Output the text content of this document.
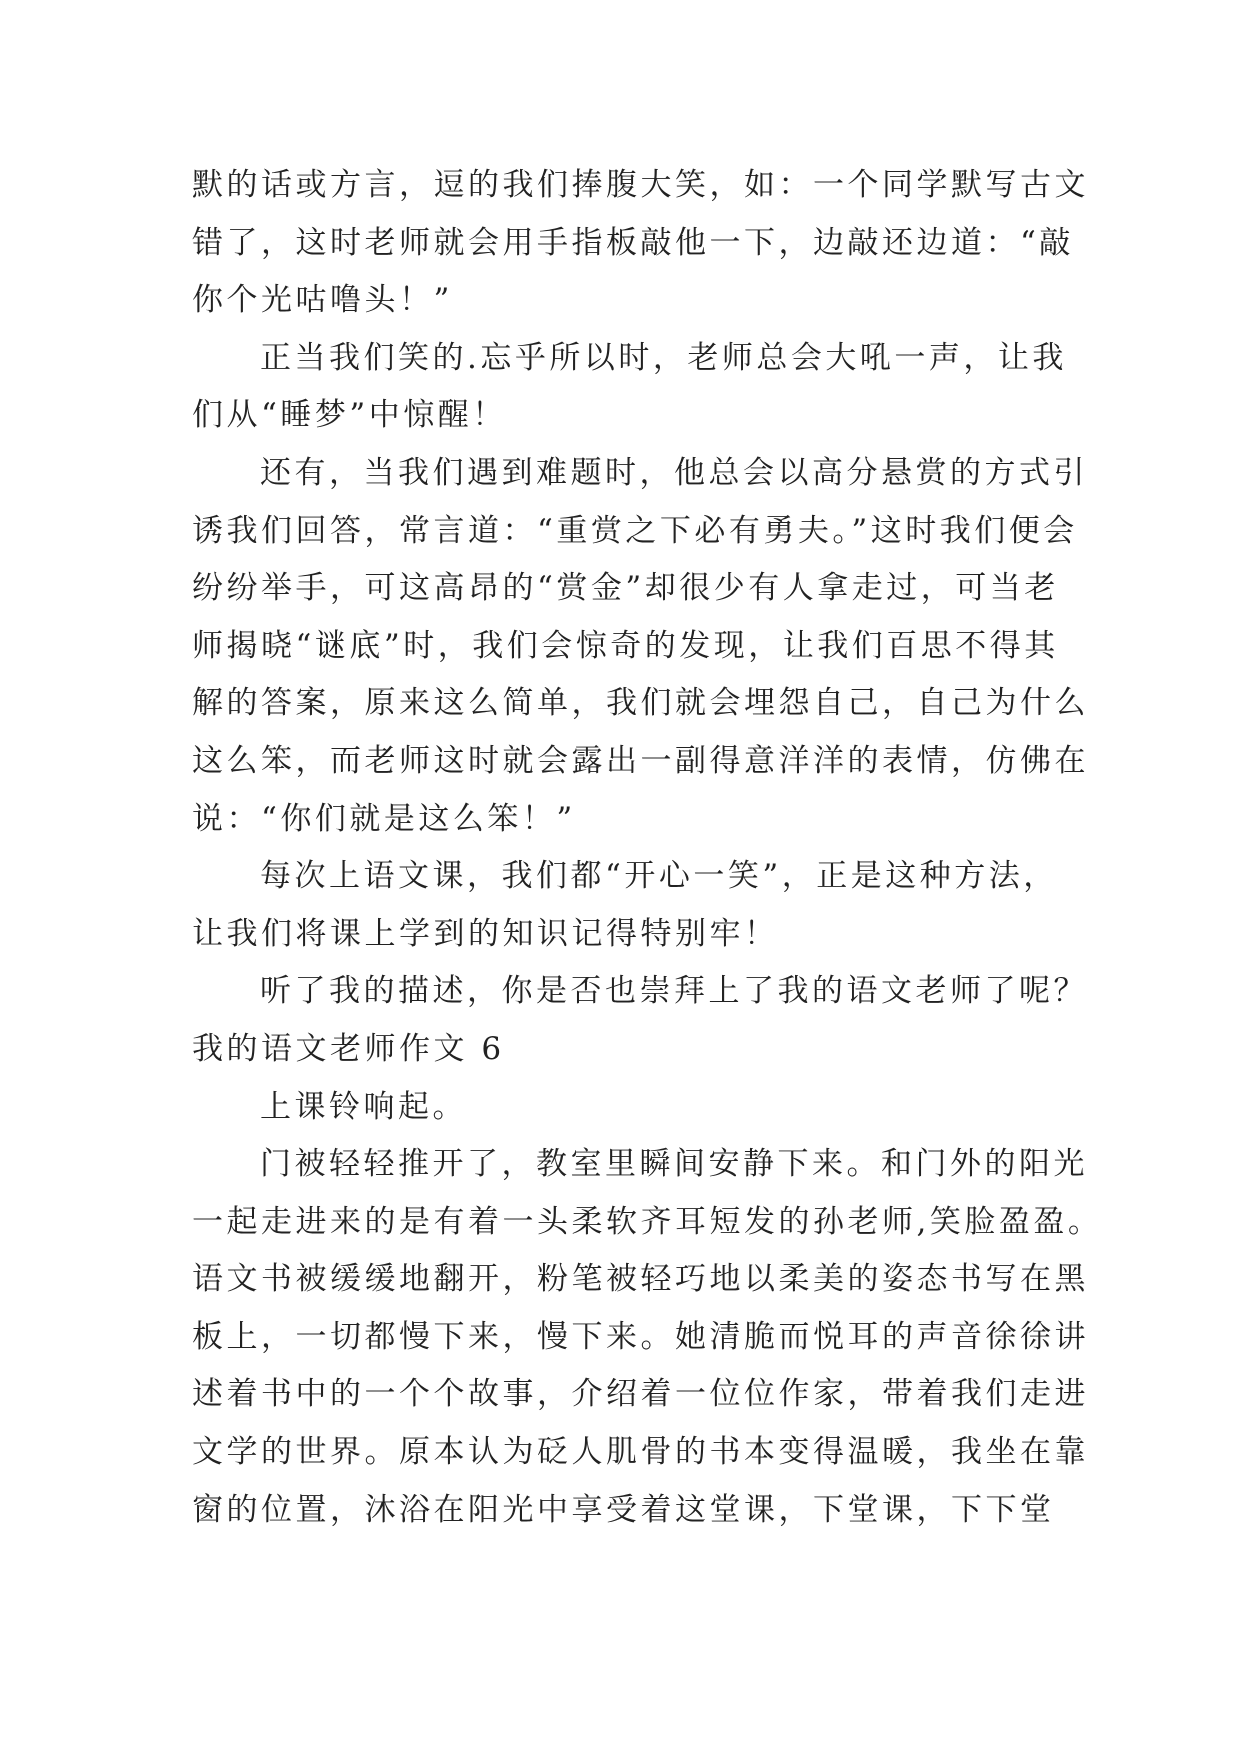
默的话或方言，逗的我们捧腹大笑，如：一个同学默写古文
错了，这时老师就会用手指板敲他一下，边敲还边道：“敲
你个光咕噜头！”
正当我们笑的.忘乎所以时，老师总会大吼一声，让我
们从“睡梦”中惊醒！
还有，当我们遇到难题时，他总会以高分悬赏的方式引
诱我们回答，常言道：“重赏之下必有勇夫。”这时我们便会
纷纷举手，可这高昂的“赏金”却很少有人拿走过，可当老
师揭晓“谜底”时，我们会惊奇的发现，让我们百思不得其
解的答案，原来这么简单，我们就会埋怨自己，自己为什么
这么笨，而老师这时就会露出一副得意洋洋的表情，仿佛在
说：“你们就是这么笨！”
每次上语文课，我们都“开心一笑”，正是这种方法，
让我们将课上学到的知识记得特别牢！
听了我的描述，你是否也崇拜上了我的语文老师了呢？
我的语文老师作文 6
上课铃响起。
门被轻轻推开了，教室里瞬间安静下来。和门外的阳光
一起走进来的是有着一头柔软齐耳短发的孙老师,笑脸盈盈。
语文书被缓缓地翻开，粉笔被轻巧地以柔美的姿态书写在黑
板上，一切都慢下来，慢下来。她清脆而悦耳的声音徐徐讲
述着书中的一个个故事，介绍着一位位作家，带着我们走进
文学的世界。原本认为砭人肌骨的书本变得温暖，我坐在靠
窗的位置，沐浴在阳光中享受着这堂课，下堂课，下下堂
